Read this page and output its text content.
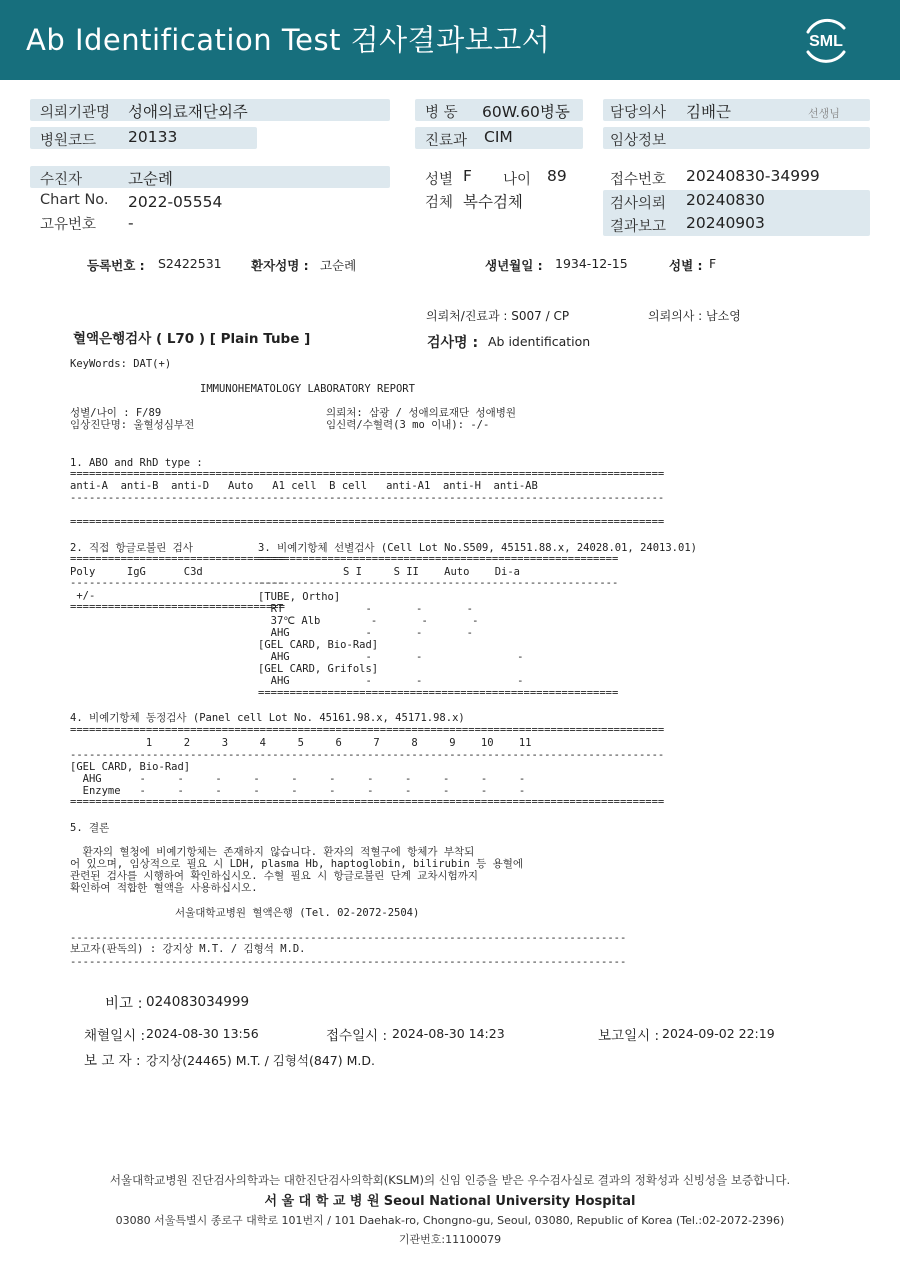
Ab Identification Test 검사결과보고서	SML
의뢰기관명 성애의료재단외주
병원코드 20133
병 동 60W.60병동
진료과 CIM
담당의사 김배근	선생님
임상정보
수진자	고순례
Chart No. 2022-05554
고유번호 -
성별 F 나이 89
검체 복수검체
접수번호 20240830-34999
검사의뢰 20240830
결과보고 20240903
등록번호 : S2422531 환자성명 : 고순례	생년월일 : 1934-12-15	성별 : F
의뢰처/진료과 : S007 / CP	의뢰의사 : 남소영
혈액은행검사 ( L70 ) [ Plain Tube ]	검사명 : Ab identification
KeyWords: DAT(+)
IMMUNOHEMATOLOGY LABORATORY REPORT
성별/나이 : F/89
임상진단명: 울혈성심부전
의뢰처: 삼광 / 성애의료재단 성애병원
임신력/수혈력(3 mo 이내): -/-
1. ABO and RhD type :
==============================================================================================
anti-A  anti-B  anti-D   Auto   A1 cell  B cell   anti-A1  anti-H  anti-AB
----------------------------------------------------------------------------------------------
==============================================================================================
2. 직접 항글로불린 검사
==================================
Poly     IgG      C3d
----------------------------------
+/-
==================================
3. 비예기항체 선별검사 (Cell Lot No.S509, 45151.88.x, 24028.01, 24013.01)
=========================================================
S I     S II    Auto    Di-a
---------------------------------------------------------
[TUBE, Ortho]
RT             -       -       -
37℃ Alb        -       -       -
AHG            -       -       -
[GEL CARD, Bio-Rad]
AHG            -       -               -
[GEL CARD, Grifols]
AHG            -       -               -
=========================================================
4. 비예기항체 동정검사 (Panel cell Lot No. 45161.98.x, 45171.98.x)
==============================================================================================
1     2     3     4     5     6     7     8     9    10    11
----------------------------------------------------------------------------------------------
[GEL CARD, Bio-Rad]
AHG      -     -     -     -     -     -     -     -     -     -     -
Enzyme   -     -     -     -     -     -     -     -     -     -     -
==============================================================================================
5. 결론
환자의 혈청에 비예기항체는 존재하지 않습니다. 환자의 적혈구에 항체가 부착되
어 있으며, 임상적으로 필요 시 LDH, plasma Hb, haptoglobin, bilirubin 등 용혈에
관련된 검사를 시행하여 확인하십시오. 수혈 필요 시 항글로불린 단계 교차시험까지
확인하여 적합한 혈액을 사용하십시오.
서울대학교병원 혈액은행 (Tel. 02-2072-2504)
----------------------------------------------------------------------------------------
보고자(판독의) : 강지상 M.T. / 김형석 M.D.
----------------------------------------------------------------------------------------
비고 : 024083034999
채혈일시 : 2024-08-30 13:56	접수일시 : 2024-08-30 14:23	보고일시 : 2024-09-02 22:19
보 고 자 : 강지상(24465) M.T. / 김형석(847) M.D.
서울대학교병원 진단검사의학과는 대한진단검사의학회(KSLM)의 신임 인증을 받은 우수검사실로 결과의 정확성과 신빙성을 보증합니다.
서 울 대 학 교 병 원 Seoul National University Hospital
03080 서울특별시 종로구 대학로 101번지 / 101 Daehak-ro, Chongno-gu, Seoul, 03080, Republic of Korea (Tel.:02-2072-2396)
기관번호:11100079
